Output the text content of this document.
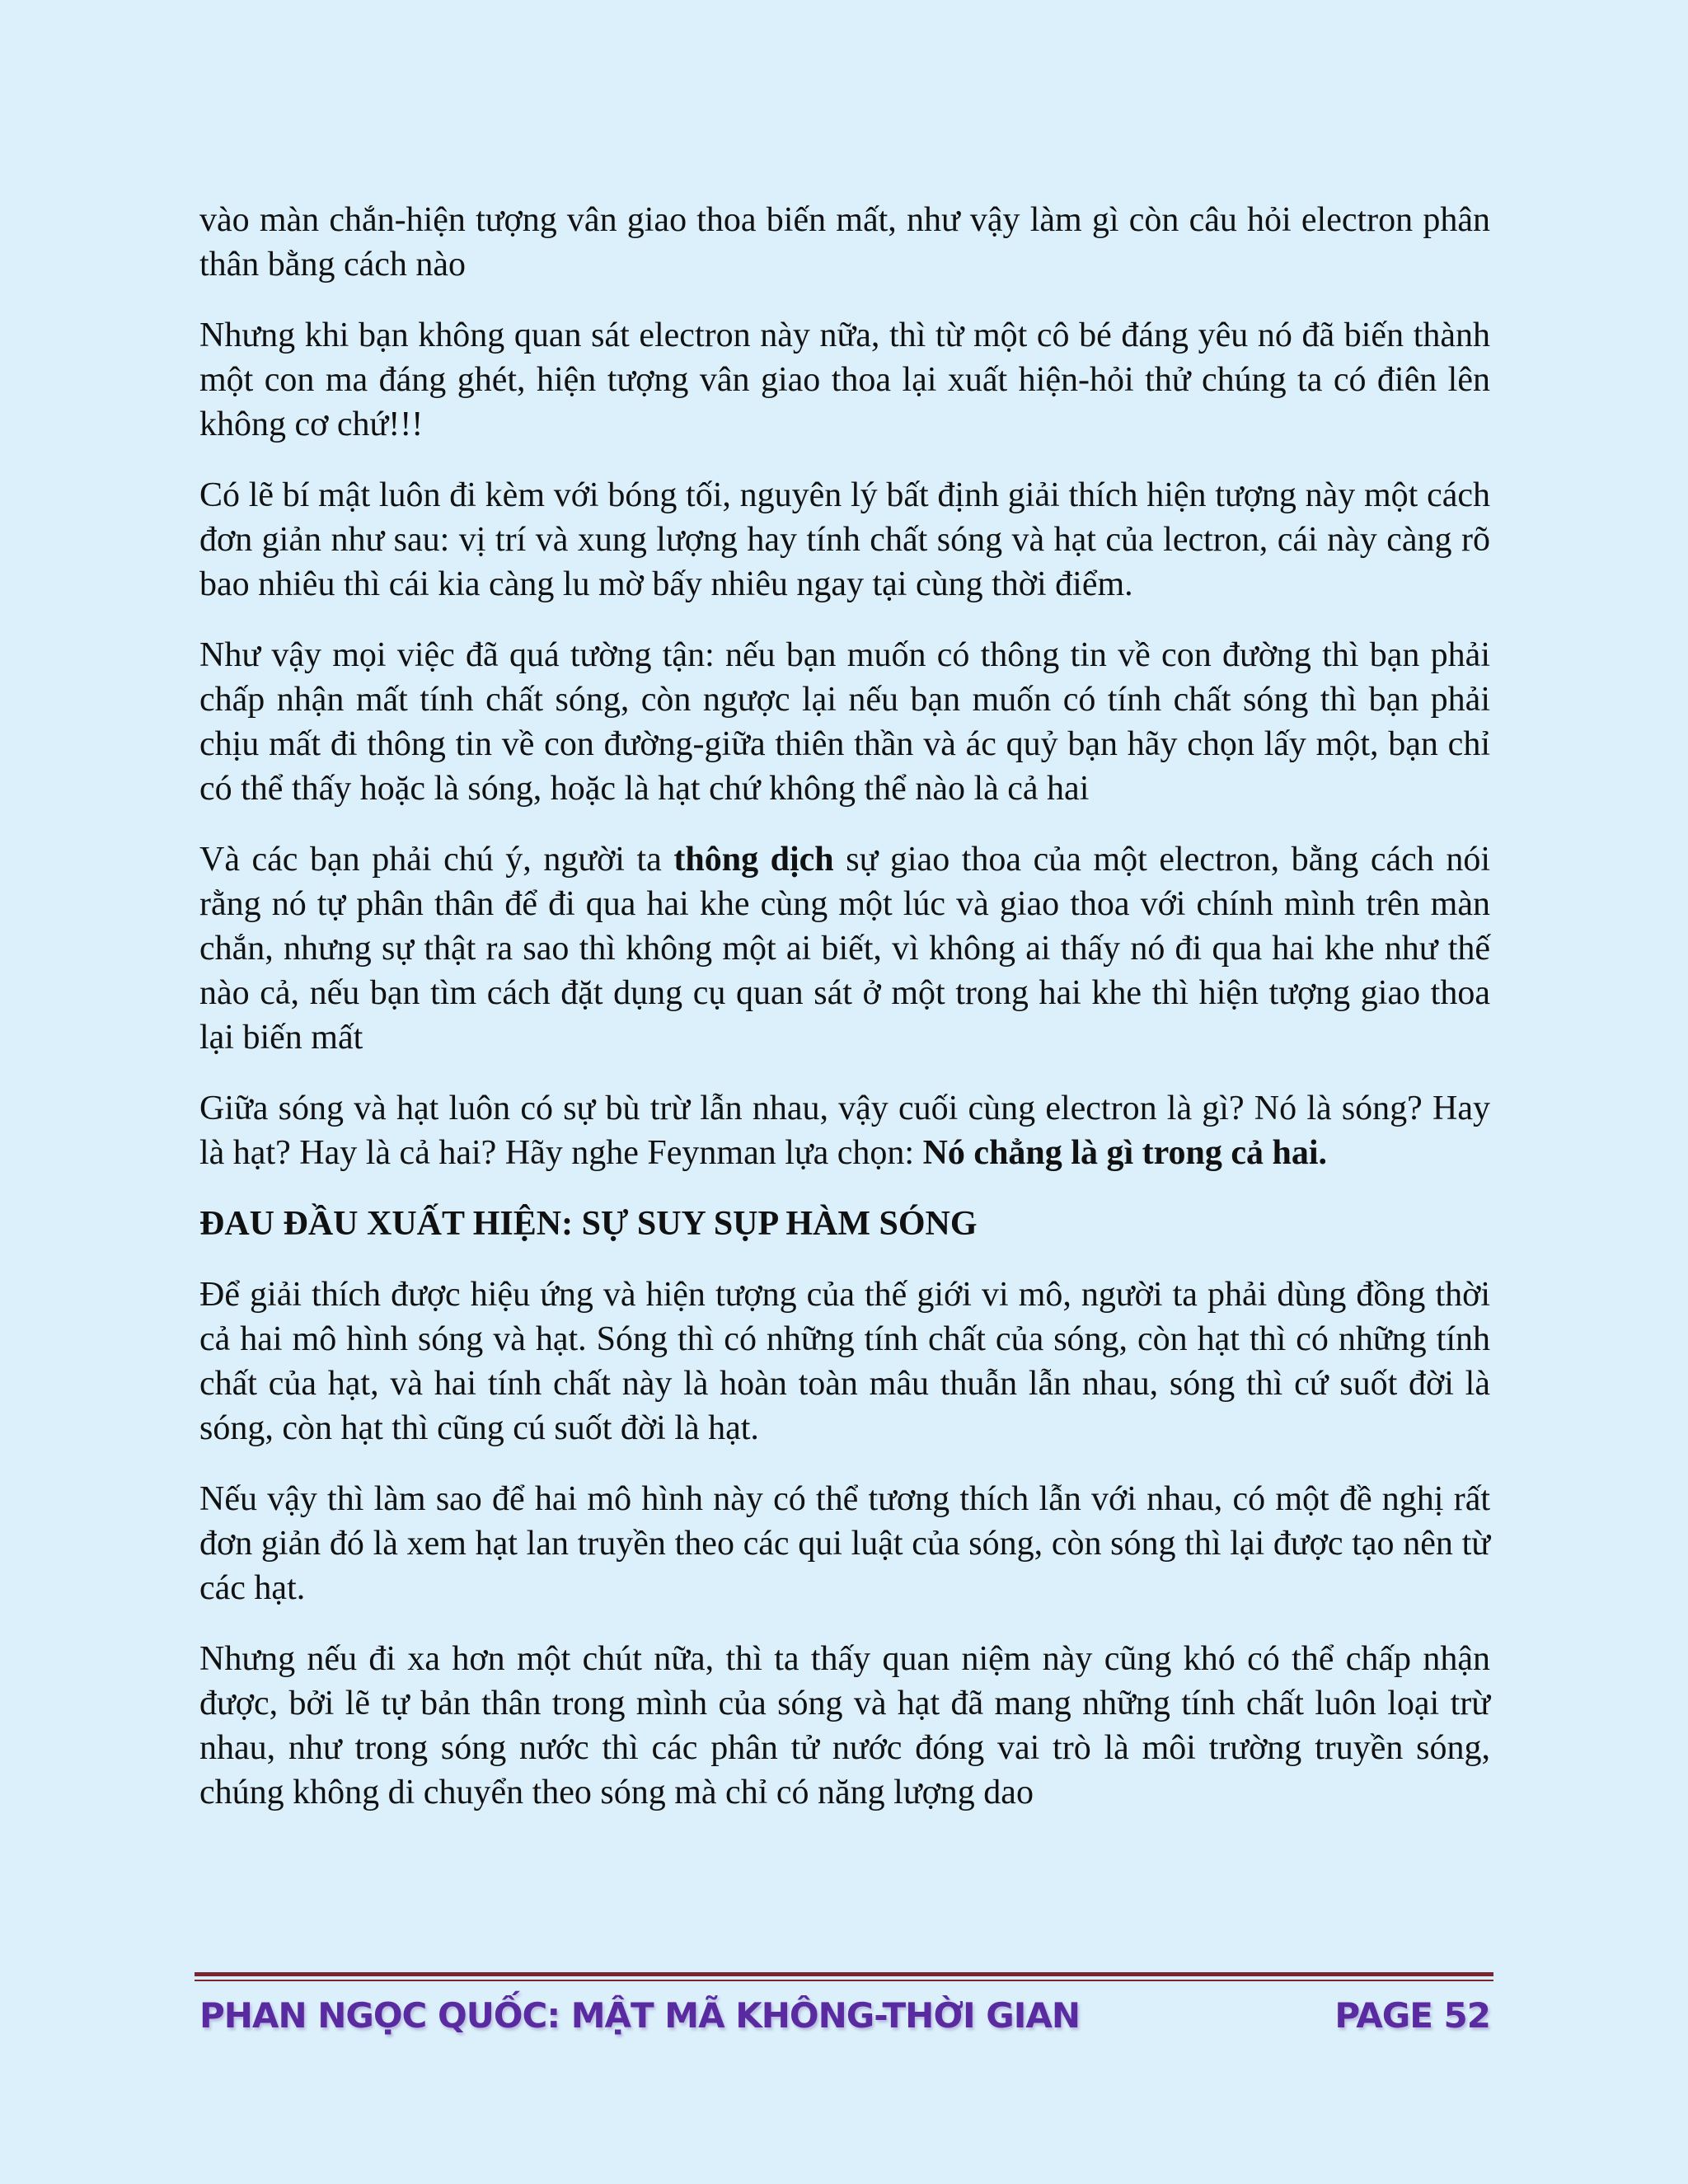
vào màn chắn-hiện tượng vân giao thoa biến mất, như vậy làm gì còn câu hỏi electron phân thân bằng cách nào

Nhưng khi bạn không quan sát electron này nữa, thì từ một cô bé đáng yêu nó đã biến thành một con ma đáng ghét, hiện tượng vân giao thoa lại xuất hiện-hỏi thử chúng ta có điên lên không cơ chứ!!!

Có lẽ bí mật luôn đi kèm với bóng tối, nguyên lý bất định giải thích hiện tượng này một cách đơn giản như sau: vị trí và xung lượng hay tính chất sóng và hạt của lectron, cái này càng rõ bao nhiêu thì cái kia càng lu mờ bấy nhiêu ngay tại cùng thời điểm.

Như vậy mọi việc đã quá tường tận: nếu bạn muốn có thông tin về con đường thì bạn phải chấp nhận mất tính chất sóng, còn ngược lại nếu bạn muốn có tính chất sóng thì bạn phải chịu mất đi thông tin về con đường-giữa thiên thần và ác quỷ bạn hãy chọn lấy một, bạn chỉ có thể thấy hoặc là sóng, hoặc là hạt chứ không thể nào là cả hai

Và các bạn phải chú ý, người ta thông dịch sự giao thoa của một electron, bằng cách nói rằng nó tự phân thân để đi qua hai khe cùng một lúc và giao thoa với chính mình trên màn chắn, nhưng sự thật ra sao thì không một ai biết, vì không ai thấy nó đi qua hai khe như thế nào cả, nếu bạn tìm cách đặt dụng cụ quan sát ở một trong hai khe thì hiện tượng giao thoa lại biến mất

Giữa sóng và hạt luôn có sự bù trừ lẫn nhau, vậy cuối cùng electron là gì? Nó là sóng? Hay là hạt? Hay là cả hai? Hãy nghe Feynman lựa chọn: Nó chẳng là gì trong cả hai.

ĐAU ĐẦU XUẤT HIỆN: SỰ SUY SỤP HÀM SÓNG

Để giải thích được hiệu ứng và hiện tượng của thế giới vi mô, người ta phải dùng đồng thời cả hai mô hình sóng và hạt. Sóng thì có những tính chất của sóng, còn hạt thì có những tính chất của hạt, và hai tính chất này là hoàn toàn mâu thuẫn lẫn nhau, sóng thì cứ suốt đời là sóng, còn hạt thì cũng cú suốt đời là hạt.

Nếu vậy thì làm sao để hai mô hình này có thể tương thích lẫn với nhau, có một đề nghị rất đơn giản đó là xem hạt lan truyền theo các qui luật của sóng, còn sóng thì lại được tạo nên từ các hạt.

Nhưng nếu đi xa hơn một chút nữa, thì ta thấy quan niệm này cũng khó có thể chấp nhận được, bởi lẽ tự bản thân trong mình của sóng và hạt đã mang những tính chất luôn loại trừ nhau, như trong sóng nước thì các phân tử nước đóng vai trò là môi trường truyền sóng, chúng không di chuyển theo sóng mà chỉ có năng lượng dao

PHAN NGỌC QUỐC: MẬT MÃ KHÔNG-THỜI GIAN	PAGE 52
